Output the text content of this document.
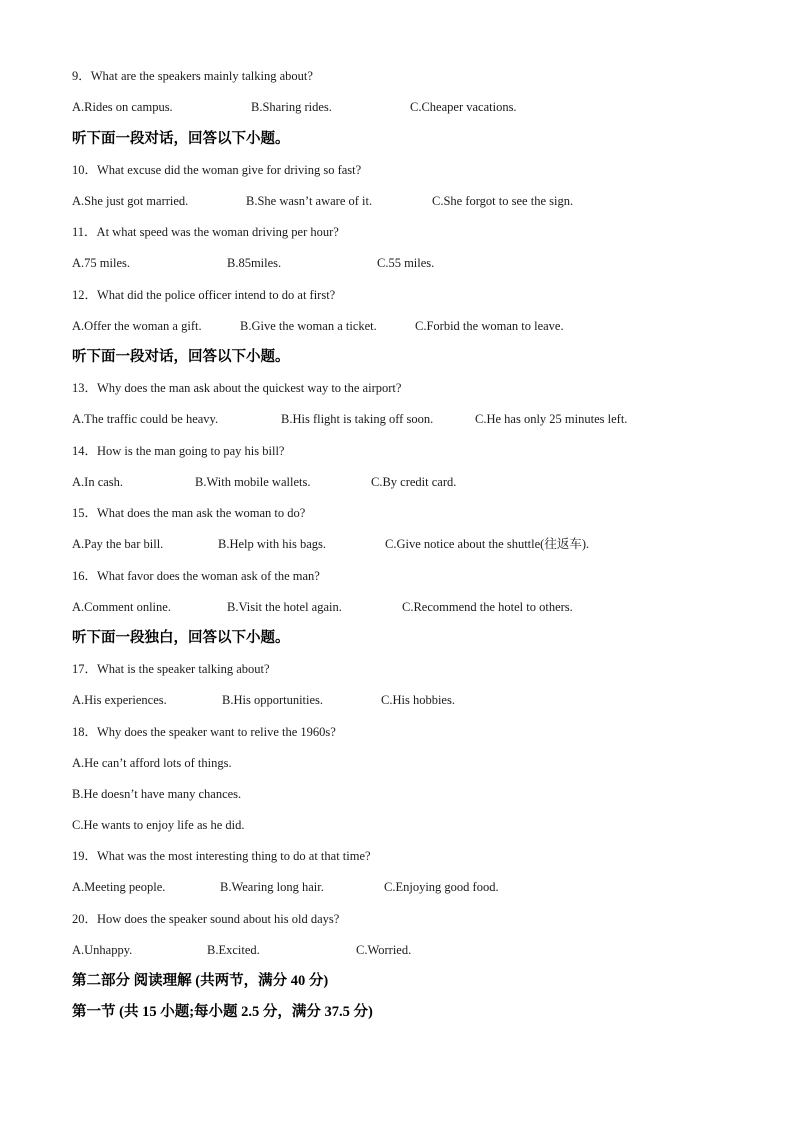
9．What are the speakers mainly talking about?
A.Rides on campus.	B.Sharing rides.	C.Cheaper vacations.
听下面一段对话，回答以下小题。
10．What excuse did the woman give for driving so fast?
A.She just got married.	B.She wasn’t aware of it.	C.She forgot to see the sign.
11．At what speed was the woman driving per hour?
A.75 miles.	B.85miles.	C.55 miles.
12．What did the police officer intend to do at first?
A.Offer the woman a gift.	B.Give the woman a ticket.	C.Forbid the woman to leave.
听下面一段对话，回答以下小题。
13．Why does the man ask about the quickest way to the airport?
A.The traffic could be heavy.	B.His flight is taking off soon.	C.He has only 25 minutes left.
14．How is the man going to pay his bill?
A.In cash.	B.With mobile wallets.	C.By credit card.
15．What does the man ask the woman to do?
A.Pay the bar bill.	B.Help with his bags.	C.Give notice about the shuttle(往返车).
16．What favor does the woman ask of the man?
A.Comment online.	B.Visit the hotel again.	C.Recommend the hotel to others.
听下面一段独白，回答以下小题。
17．What is the speaker talking about?
A.His experiences.	B.His opportunities.	C.His hobbies.
18．Why does the speaker want to relive the 1960s?
A.He can’t afford lots of things.
B.He doesn’t have many chances.
C.He wants to enjoy life as he did.
19．What was the most interesting thing to do at that time?
A.Meeting people.	B.Wearing long hair.	C.Enjoying good food.
20．How does the speaker sound about his old days?
A.Unhappy.	B.Excited.	C.Worried.
第二部分 阅读理解 (共两节，满分 40 分)
第一节 (共 15 小题;每小题 2.5 分，满分 37.5 分)
